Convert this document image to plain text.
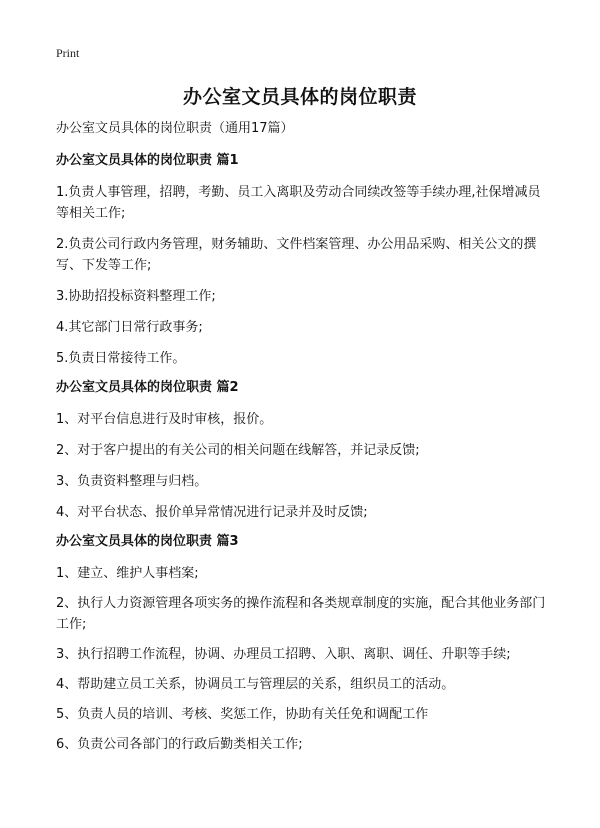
Print
办公室文员具体的岗位职责
办公室文员具体的岗位职责（通用17篇）
办公室文员具体的岗位职责 篇1
1.负责人事管理，招聘，考勤、员工入离职及劳动合同续改签等手续办理,社保增减员等相关工作;
2.负责公司行政内务管理，财务辅助、文件档案管理、办公用品采购、相关公文的撰写、下发等工作;
3.协助招投标资料整理工作;
4.其它部门日常行政事务;
5.负责日常接待工作。
办公室文员具体的岗位职责 篇2
1、对平台信息进行及时审核，报价。
2、对于客户提出的有关公司的相关问题在线解答，并记录反馈;
3、负责资料整理与归档。
4、对平台状态、报价单异常情况进行记录并及时反馈;
办公室文员具体的岗位职责 篇3
1、建立、维护人事档案;
2、执行人力资源管理各项实务的操作流程和各类规章制度的实施，配合其他业务部门工作;
3、执行招聘工作流程，协调、办理员工招聘、入职、离职、调任、升职等手续;
4、帮助建立员工关系，协调员工与管理层的关系，组织员工的活动。
5、负责人员的培训、考核、奖惩工作，协助有关任免和调配工作
6、负责公司各部门的行政后勤类相关工作;
